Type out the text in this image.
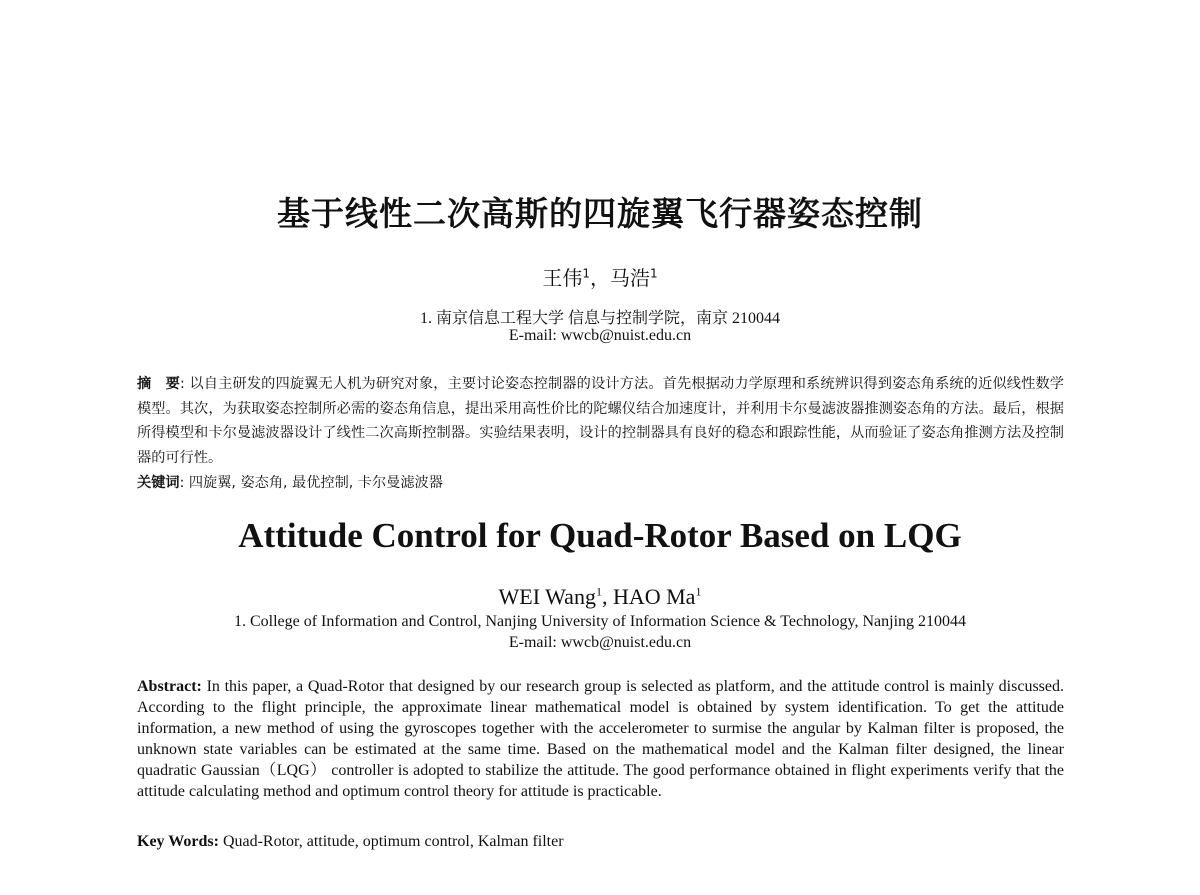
基于线性二次高斯的四旋翼飞行器姿态控制
王伟$^1$，马浩$^1$
1. 南京信息工程大学 信息与控制学院，南京 210044
E-mail: wwcb@nuist.edu.cn
摘　要: 以自主研发的四旋翼无人机为研究对象，主要讨论姿态控制器的设计方法。首先根据动力学原理和系统辨识得到姿态角系统的近似线性数学模型。其次，为获取姿态控制所必需的姿态角信息，提出采用高性价比的陀螺仪结合加速度计，并利用卡尔曼滤波器推测姿态角的方法。最后，根据所得模型和卡尔曼滤波器设计了线性二次高斯控制器。实验结果表明，设计的控制器具有良好的稳态和跟踪性能，从而验证了姿态角推测方法及控制器的可行性。
关键词: 四旋翼, 姿态角, 最优控制, 卡尔曼滤波器
Attitude Control for Quad-Rotor Based on LQG
WEI Wang$^1$, HAO Ma$^1$
1. College of Information and Control, Nanjing University of Information Science & Technology, Nanjing 210044
E-mail: wwcb@nuist.edu.cn
Abstract: In this paper, a Quad-Rotor that designed by our research group is selected as platform, and the attitude control is mainly discussed. According to the flight principle, the approximate linear mathematical model is obtained by system identification. To get the attitude information, a new method of using the gyroscopes together with the accelerometer to surmise the angular by Kalman filter is proposed, the unknown state variables can be estimated at the same time. Based on the mathematical model and the Kalman filter designed, the linear quadratic Gaussian（LQG） controller is adopted to stabilize the attitude. The good performance obtained in flight experiments verify that the attitude calculating method and optimum control theory for attitude is practicable.
Key Words: Quad-Rotor, attitude, optimum control, Kalman filter
